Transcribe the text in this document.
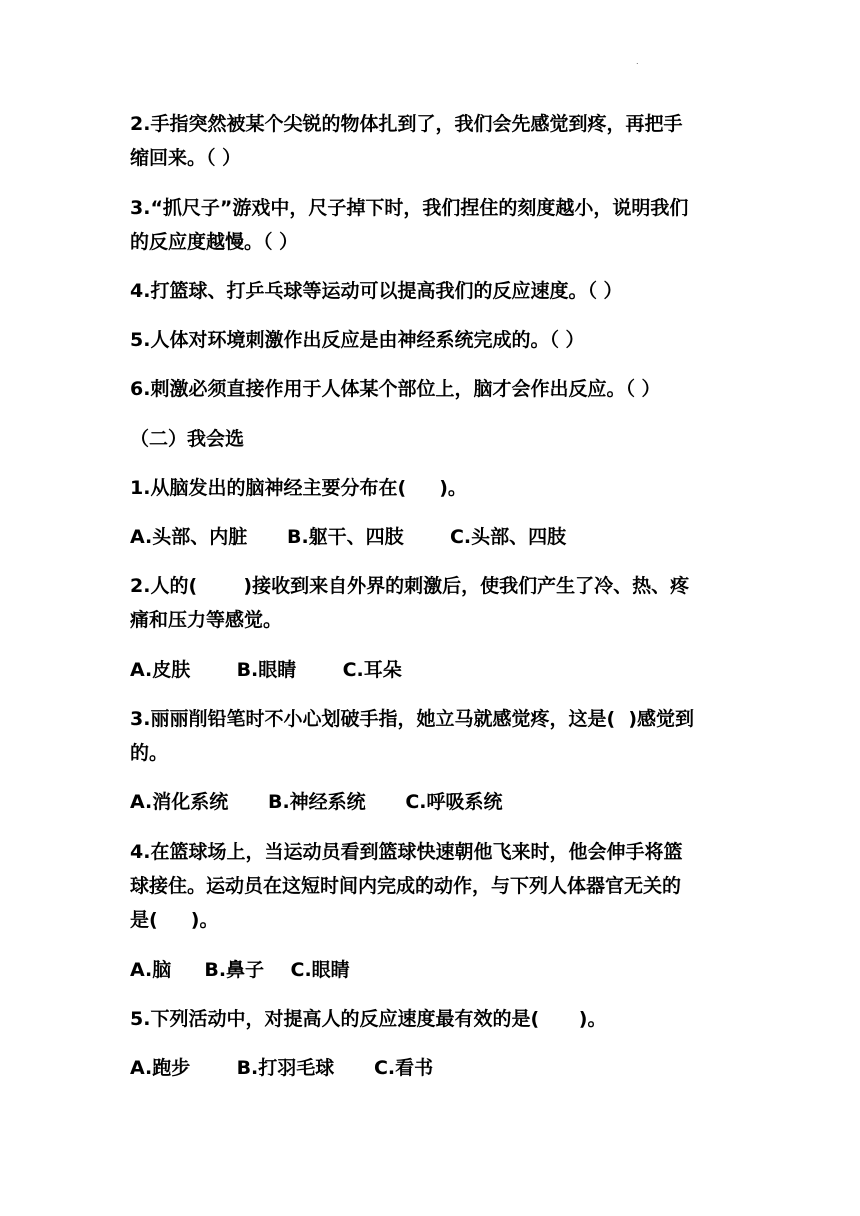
.
2.手指突然被某个尖锐的物体扎到了，我们会先感觉到疼，再把手
缩回来。（ ）
3.“抓尺子”游戏中，尺子掉下时，我们捏住的刻度越小，说明我们
的反应度越慢。（ ）
4.打篮球、打乒乓球等运动可以提高我们的反应速度。（ ）
5.人体对环境刺激作出反应是由神经系统完成的。（ ）
6.刺激必须直接作用于人体某个部位上，脑才会作出反应。（ ）
（二）我会选
1.从脑发出的脑神经主要分布在(     )。
A.头部、内脏      B.躯干、四肢       C.头部、四肢
2.人的(       )接收到来自外界的刺激后，使我们产生了冷、热、疼
痛和压力等感觉。
A.皮肤       B.眼睛       C.耳朵
3.丽丽削铅笔时不小心划破手指，她立马就感觉疼，这是(  )感觉到
的。
A.消化系统      B.神经系统      C.呼吸系统
4.在篮球场上，当运动员看到篮球快速朝他飞来时，他会伸手将篮
球接住。运动员在这短时间内完成的动作，与下列人体器官无关的
是(     )。
A.脑     B.鼻子    C.眼睛
5.下列活动中，对提高人的反应速度最有效的是(      )。
A.跑步       B.打羽毛球      C.看书
